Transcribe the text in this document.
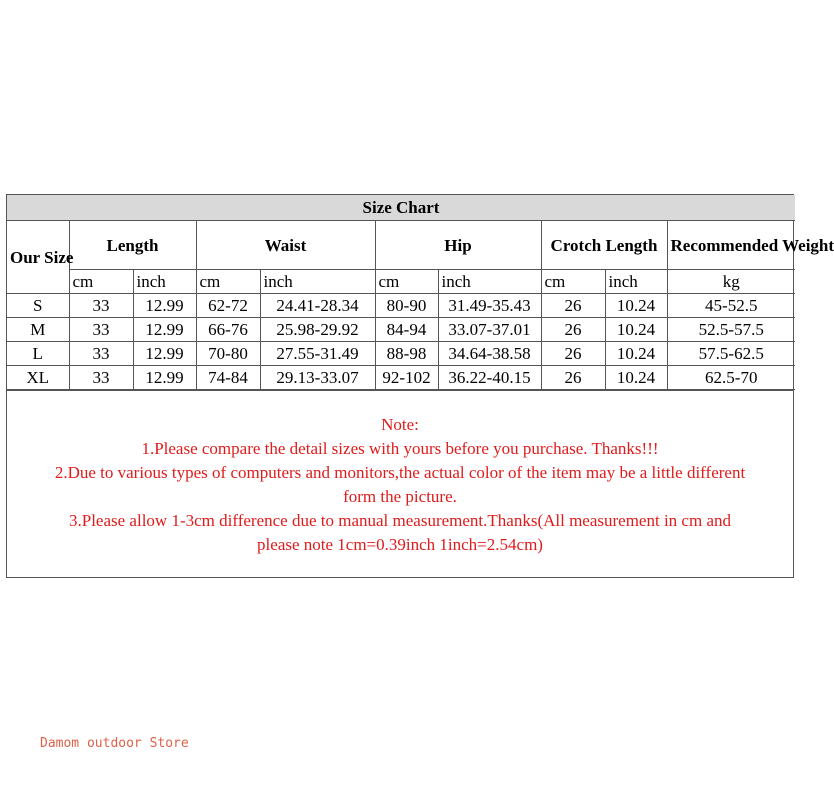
Size Chart									
Our Size	Length		Waist		Hip		Crotch Length		Recommended Weight
	cm	inch	cm	inch	cm	inch	cm	inch	kg
S	33	12.99	62-72	24.41-28.34	80-90	31.49-35.43	26	10.24	45-52.5
M	33	12.99	66-76	25.98-29.92	84-94	33.07-37.01	26	10.24	52.5-57.5
L	33	12.99	70-80	27.55-31.49	88-98	34.64-38.58	26	10.24	57.5-62.5
XL	33	12.99	74-84	29.13-33.07	92-102	36.22-40.15	26	10.24	62.5-70
Note:
1.Please compare the detail sizes with yours before you purchase. Thanks!!!
2.Due to various types of computers and monitors,the actual color of the item may be a little different
form the picture.
3.Please allow 1-3cm difference due to manual measurement.Thanks(All measurement in cm and
please note 1cm=0.39inch 1inch=2.54cm)
Damom outdoor Store
